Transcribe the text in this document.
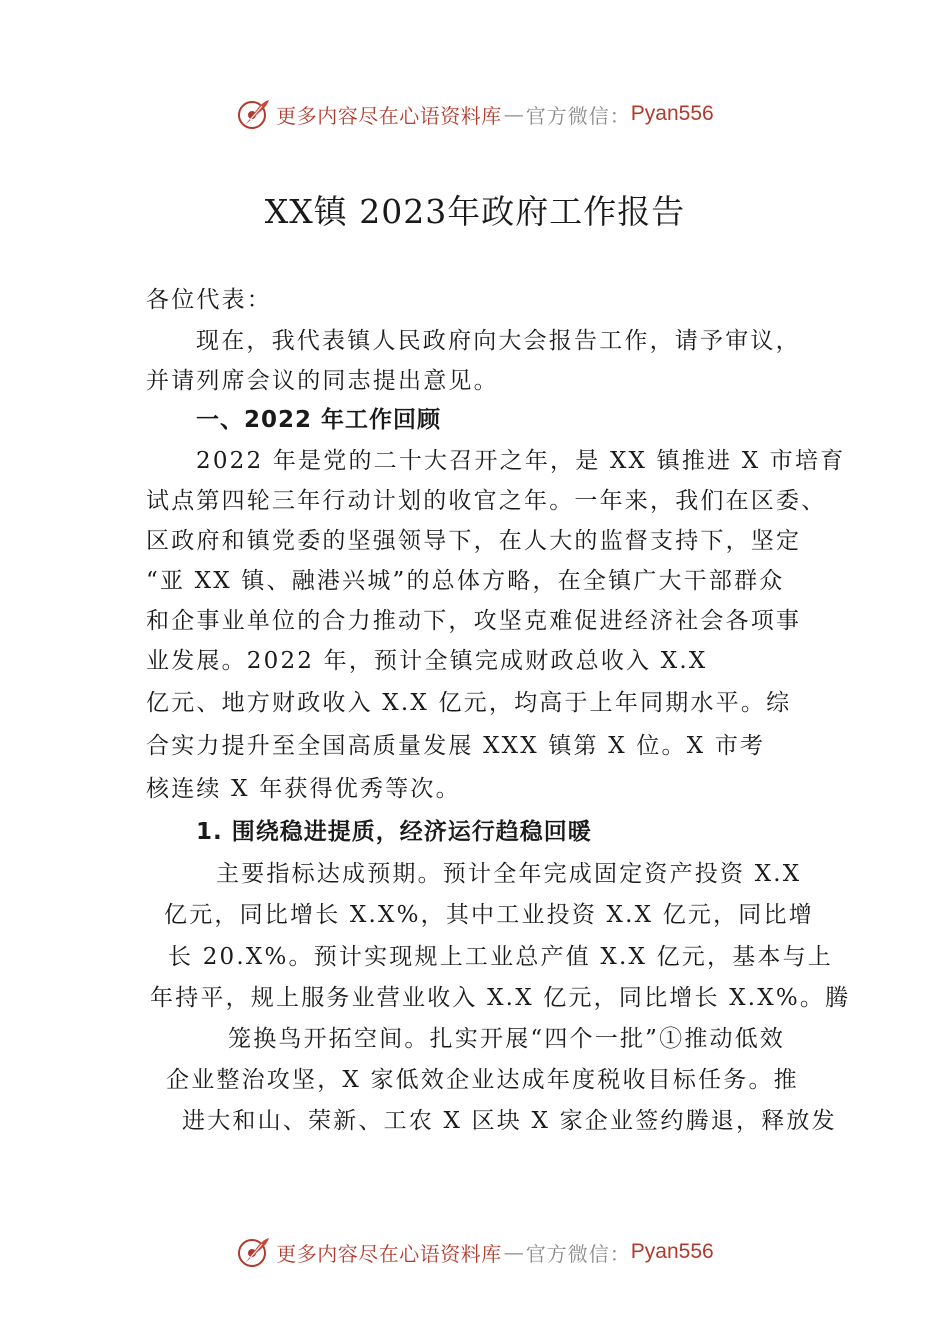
更多内容尽在心语资料库 — 官方微信： Pyan556
XX镇 2023年政府工作报告
各位代表：
现在，我代表镇人民政府向大会报告工作，请予审议，
并请列席会议的同志提出意见。
一、2022 年工作回顾
2022 年是党的二十大召开之年，是 XX 镇推进 X 市培育
试点第四轮三年行动计划的收官之年。一年来，我们在区委、
区政府和镇党委的坚强领导下，在人大的监督支持下，坚定
“亚 XX 镇、融港兴城”的总体方略，在全镇广大干部群众
和企事业单位的合力推动下，攻坚克难促进经济社会各项事
业发展。2022 年，预计全镇完成财政总收入 X.X
亿元、地方财政收入 X.X 亿元，均高于上年同期水平。综
合实力提升至全国高质量发展 XXX 镇第 X 位。X 市考
核连续 X 年获得优秀等次。
1. 围绕稳进提质，经济运行趋稳回暖
主要指标达成预期。预计全年完成固定资产投资 X.X
亿元，同比增长 X.X%，其中工业投资 X.X 亿元，同比增
长 20.X%。预计实现规上工业总产值 X.X 亿元，基本与上
年持平，规上服务业营业收入 X.X 亿元，同比增长 X.X%。腾
笼换鸟开拓空间。扎实开展“四个一批”①推动低效
企业整治攻坚，X 家低效企业达成年度税收目标任务。推
进大和山、荣新、工农 X 区块 X 家企业签约腾退，释放发
更多内容尽在心语资料库 — 官方微信： Pyan556
